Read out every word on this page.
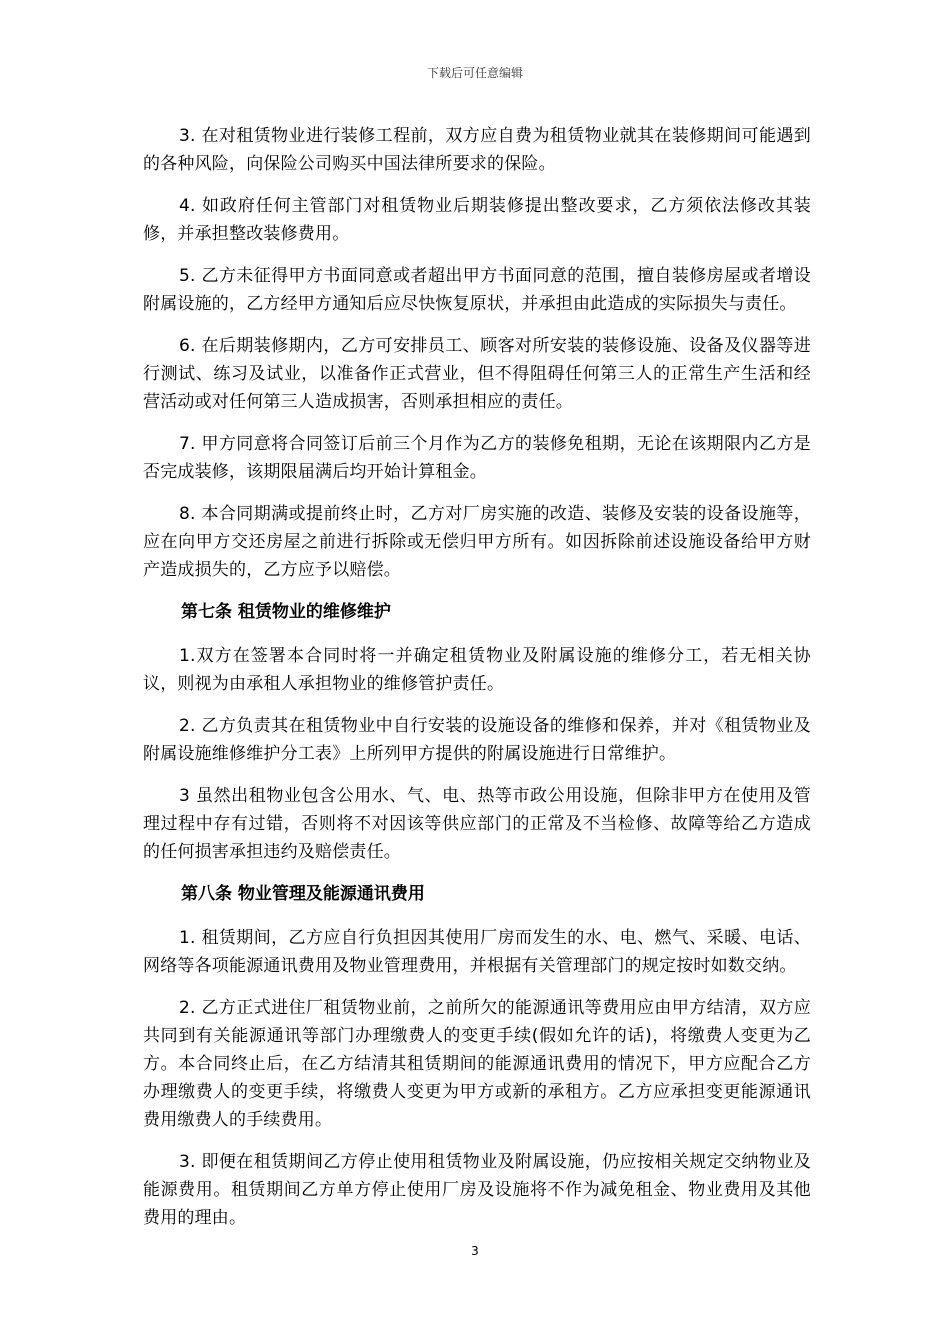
下载后可任意编辑

3. 在对租赁物业进行装修工程前，双方应自费为租赁物业就其在装修期间可能遇到的各种风险，向保险公司购买中国法律所要求的保险。

4. 如政府任何主管部门对租赁物业后期装修提出整改要求，乙方须依法修改其装修，并承担整改装修费用。

5. 乙方未征得甲方书面同意或者超出甲方书面同意的范围，擅自装修房屋或者增设附属设施的，乙方经甲方通知后应尽快恢复原状，并承担由此造成的实际损失与责任。

6. 在后期装修期内，乙方可安排员工、顾客对所安装的装修设施、设备及仪器等进行测试、练习及试业，以准备作正式营业，但不得阻碍任何第三人的正常生产生活和经营活动或对任何第三人造成损害，否则承担相应的责任。

7. 甲方同意将合同签订后前三个月作为乙方的装修免租期，无论在该期限内乙方是否完成装修，该期限届满后均开始计算租金。

8. 本合同期满或提前终止时，乙方对厂房实施的改造、装修及安装的设备设施等，应在向甲方交还房屋之前进行拆除或无偿归甲方所有。如因拆除前述设施设备给甲方财产造成损失的，乙方应予以赔偿。

第七条 租赁物业的维修维护

1.双方在签署本合同时将一并确定租赁物业及附属设施的维修分工，若无相关协议，则视为由承租人承担物业的维修管护责任。

2. 乙方负责其在租赁物业中自行安装的设施设备的维修和保养，并对《租赁物业及附属设施维修维护分工表》上所列甲方提供的附属设施进行日常维护。

3 虽然出租物业包含公用水、气、电、热等市政公用设施，但除非甲方在使用及管理过程中存有过错，否则将不对因该等供应部门的正常及不当检修、故障等给乙方造成的任何损害承担违约及赔偿责任。

第八条 物业管理及能源通讯费用

1. 租赁期间，乙方应自行负担因其使用厂房而发生的水、电、燃气、采暖、电话、网络等各项能源通讯费用及物业管理费用，并根据有关管理部门的规定按时如数交纳。

2. 乙方正式进住厂租赁物业前，之前所欠的能源通讯等费用应由甲方结清，双方应共同到有关能源通讯等部门办理缴费人的变更手续(假如允许的话)，将缴费人变更为乙方。本合同终止后，在乙方结清其租赁期间的能源通讯费用的情况下，甲方应配合乙方办理缴费人的变更手续，将缴费人变更为甲方或新的承租方。乙方应承担变更能源通讯费用缴费人的手续费用。

3. 即便在租赁期间乙方停止使用租赁物业及附属设施，仍应按相关规定交纳物业及能源费用。租赁期间乙方单方停止使用厂房及设施将不作为减免租金、物业费用及其他费用的理由。

3
